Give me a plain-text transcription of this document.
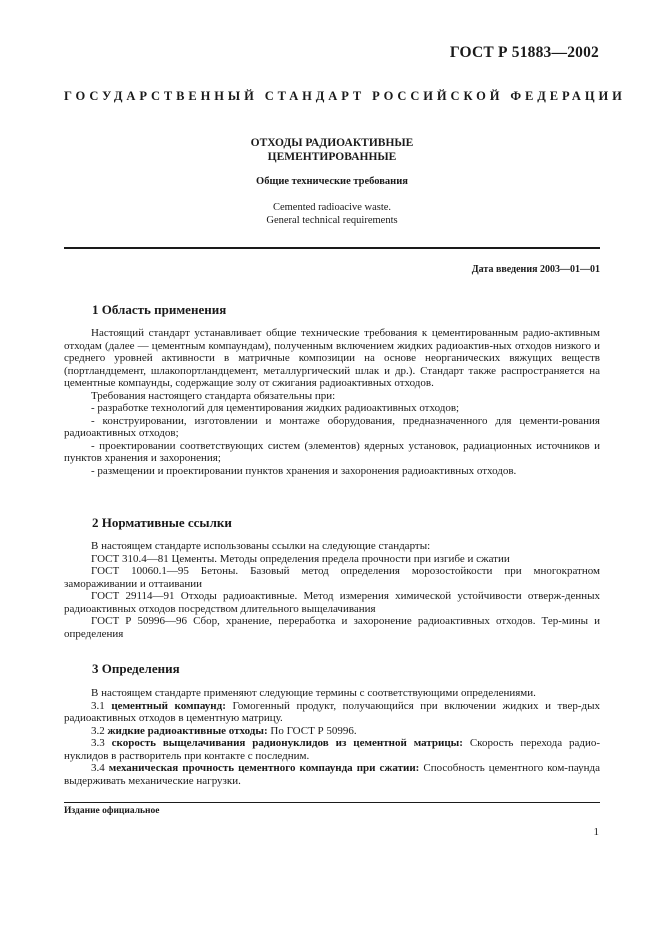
ГОСТ Р 51883—2002
ГОСУДАРСТВЕННЫЙ СТАНДАРТ РОССИЙСКОЙ ФЕДЕРАЦИИ
ОТХОДЫ РАДИОАКТИВНЫЕ
ЦЕМЕНТИРОВАННЫЕ
Общие технические требования
Cemented radioacive waste.
General technical requirements
Дата введения 2003—01—01
1 Область применения

Настоящий стандарт устанавливает общие технические требования к цементированным радио-активным отходам (далее — цементным компаундам), полученным включением жидких радиоактив-ных отходов низкого и среднего уровней активности в матричные композиции на основе неорганических вяжущих веществ (портландцемент, шлакопортландцемент, металлургический шлак и др.). Стандарт также распространяется на цементные компаунды, содержащие золу от сжигания радиоактивных отходов.

Требования настоящего стандарта обязательны при:

- разработке технологий для цементирования жидких радиоактивных отходов;

- конструировании, изготовлении и монтаже оборудования, предназначенного для цементи-рования радиоактивных отходов;

- проектировании соответствующих систем (элементов) ядерных установок, радиационных источников и пунктов хранения и захоронения;

- размещении и проектировании пунктов хранения и захоронения радиоактивных отходов.

2 Нормативные ссылки

В настоящем стандарте использованы ссылки на следующие стандарты:

ГОСТ 310.4—81 Цементы. Методы определения предела прочности при изгибе и сжатии

ГОСТ 10060.1—95 Бетоны. Базовый метод определения морозостойкости при многократном замораживании и оттаивании

ГОСТ 29114—91 Отходы радиоактивные. Метод измерения химической устойчивости отверж-денных радиоактивных отходов посредством длительного выщелачивания

ГОСТ Р 50996—96 Сбор, хранение, переработка и захоронение радиоактивных отходов. Тер-мины и определения

3 Определения

В настоящем стандарте применяют следующие термины с соответствующими определениями.

3.1 цементный компаунд: Гомогенный продукт, получающийся при включении жидких и твер-дых радиоактивных отходов в цементную матрицу.

3.2 жидкие радиоактивные отходы: По ГОСТ Р 50996.

3.3 скорость выщелачивания радионуклидов из цементной матрицы: Скорость перехода радио-нуклидов в растворитель при контакте с последним.

3.4 механическая прочность цементного компаунда при сжатии: Способность цементного ком-паунда выдерживать механические нагрузки.

Издание официальное
1
